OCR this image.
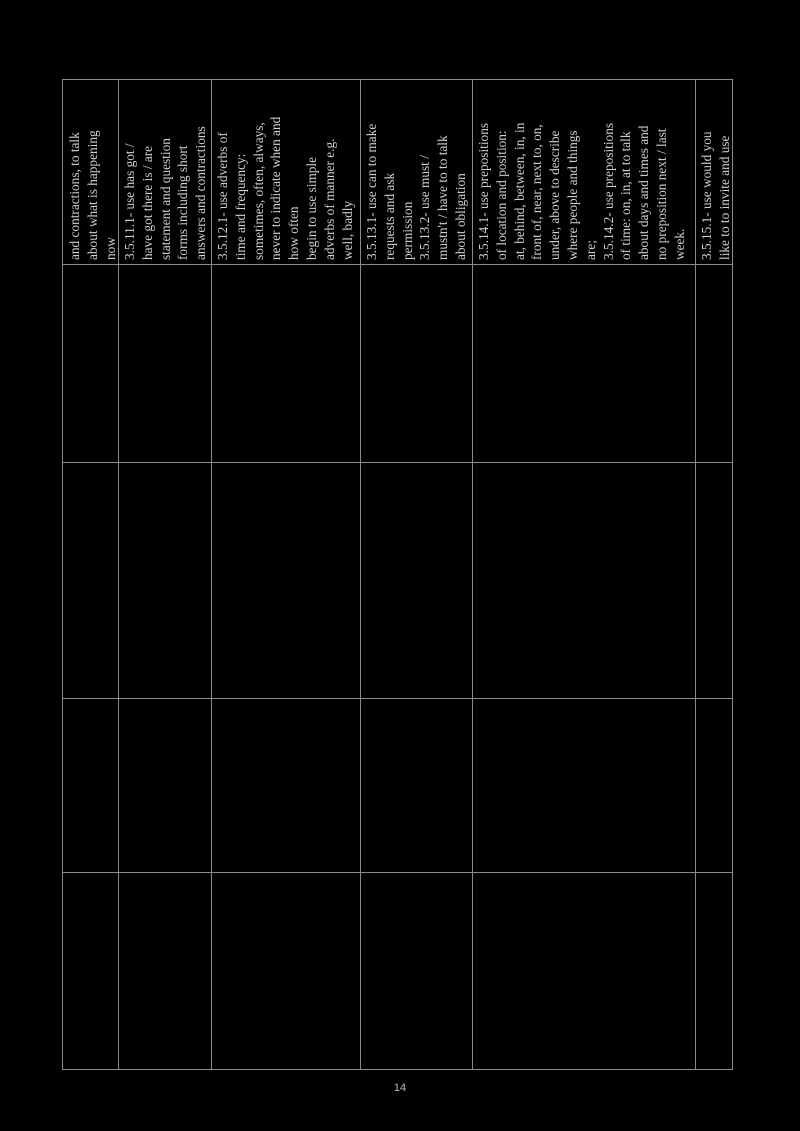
and contractions, to talk
about what is happening
now 3.5.11.1- use has got /
have got there is / are
statement and question
forms including short
answers and contractions
3.5.12.1- use adverbs of
time and frequency:
sometimes, often, always,
never to indicate when and
how often
begin to use simple
adverbs of manner e.g.
well, badly 3.5.13.1- use can to make
requests and ask
permission
3.5.13.2- use must /
mustn't / have to to talk
about obligation
3.5.14.1- use prepositions
of location and position:
at, behind, between, in, in
front of, near, next to, on,
under, above to describe
where people and things
are;
3.5.14.2- use prepositions
of time: on, in, at to talk
about days and times and
no preposition next / last
week. 3.5.15.1- use would you
like to to invite and use
14
